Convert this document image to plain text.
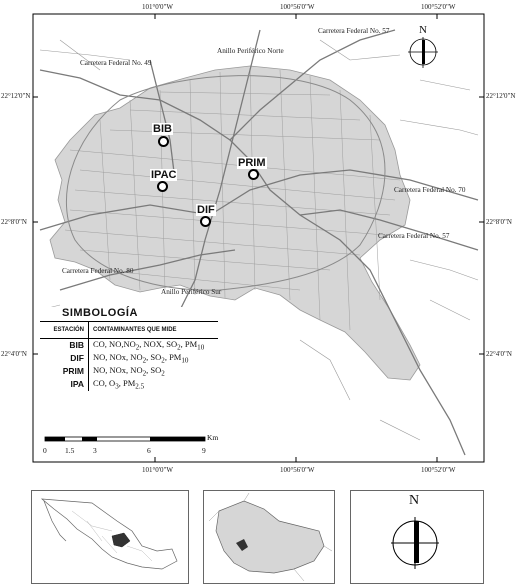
N
101°0'0"W	100°56'0"W	100°52'0"W
101°0'0"W	100°56'0"W	100°52'0"W
22°12'0"N
22°8'0"N
22°4'0"N
22°12'0"N
22°8'0"N
22°4'0"N
Carretera Federal No. 57
Anillo Periférico Norte
Carretera Federal No. 49
Carretera Federal No. 70
Carretera Federal No. 57
Carretera Federal No. 80
Anillo Periférico Sur
BIB
IPAC
PRIM
DIF
SIMBOLOGÍA
ESTACIÓN	CONTAMINANTES QUE MIDE
BIB	CO, $NO,NO_2$, NOX, $SO_2$, $PM_{10}$
DIF	NO, NOx, $NO_2$, $SO_2$, $PM_{10}$
PRIM	NO, NOx, $NO_2$, $SO_2$
IPA	CO, $O_3$, $PM_{2.5}$
Km
0 1.5 3	6	9
N
